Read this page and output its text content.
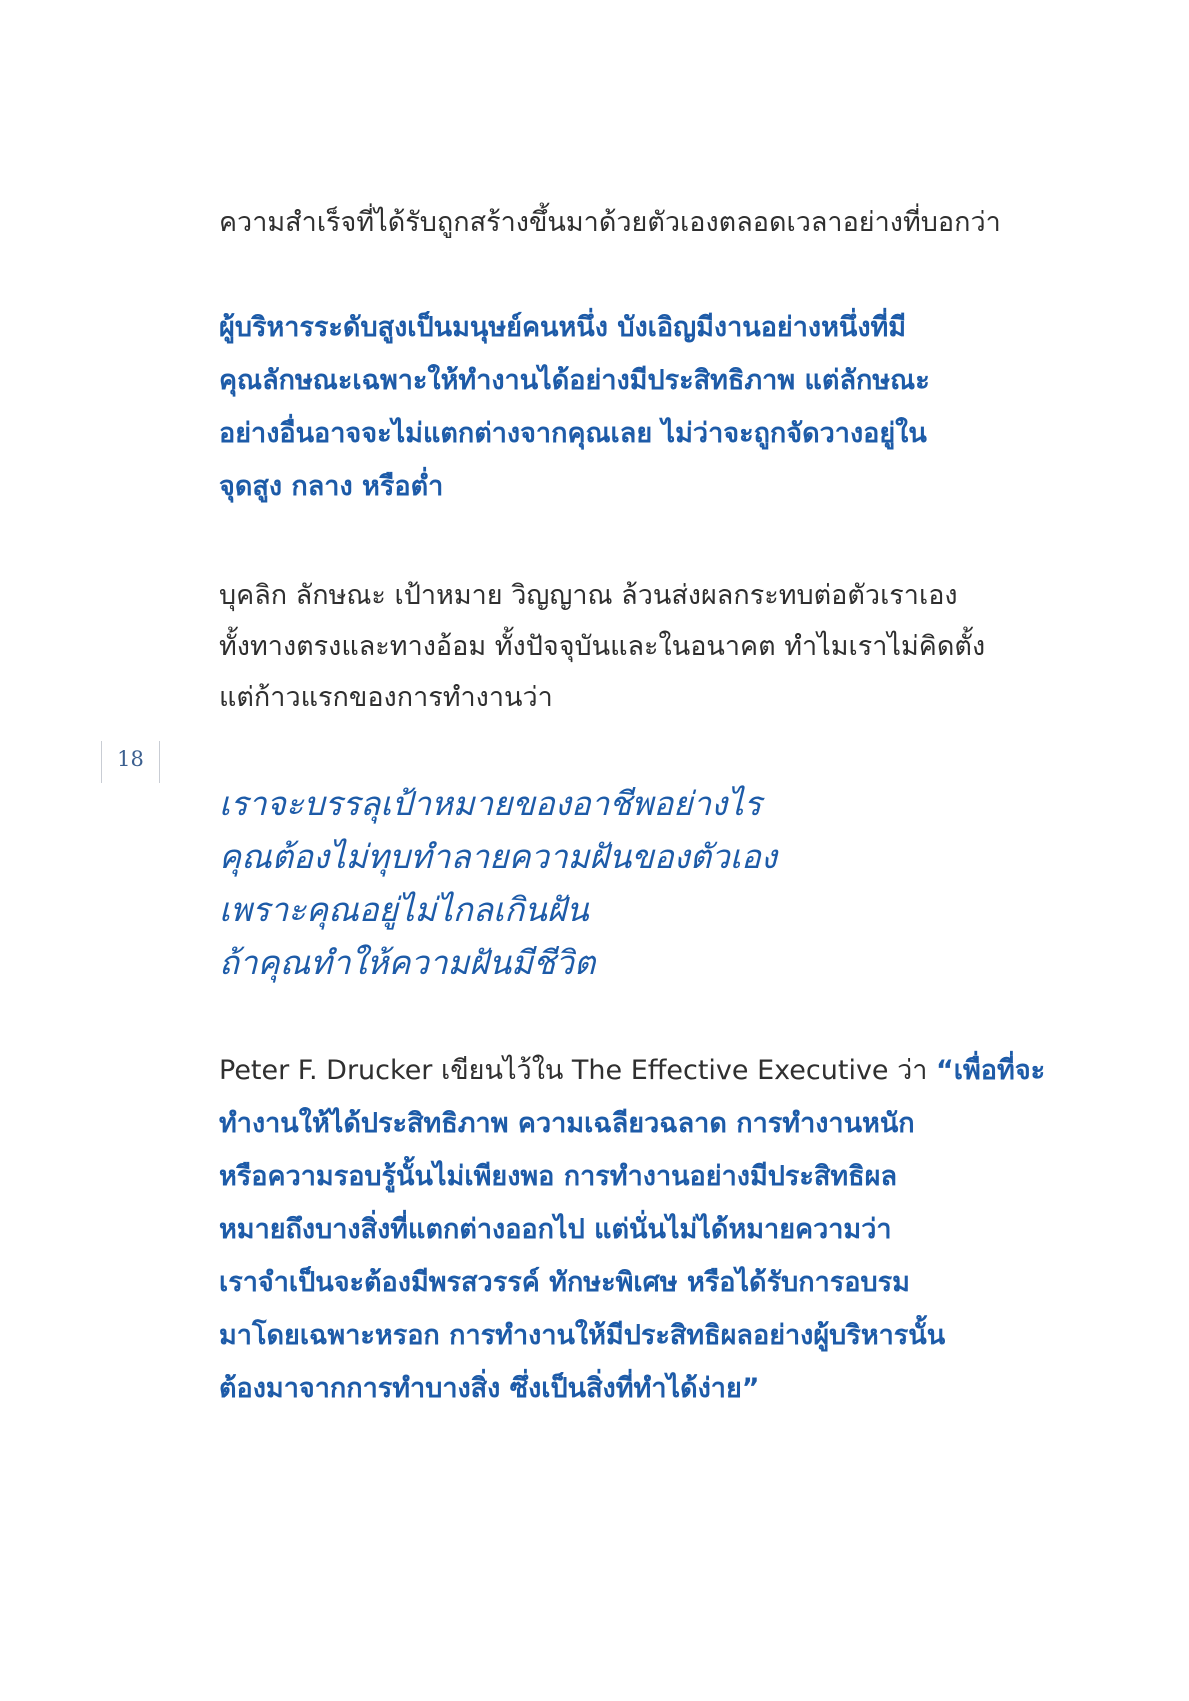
ความสำเร็จที่ได้รับถูกสร้างขึ้นมาด้วยตัวเองตลอดเวลาอย่างที่บอกว่า

ผู้บริหารระดับสูงเป็นมนุษย์คนหนึ่ง บังเอิญมีงานอย่างหนึ่งที่มี

คุณลักษณะเฉพาะให้ทำงานได้อย่างมีประสิทธิภาพ แต่ลักษณะ

อย่างอื่นอาจจะไม่แตกต่างจากคุณเลย ไม่ว่าจะถูกจัดวางอยู่ใน

จุดสูง กลาง หรือต่ำ

บุคลิก ลักษณะ เป้าหมาย วิญญาณ ล้วนส่งผลกระทบต่อตัวเราเอง

ทั้งทางตรงและทางอ้อม ทั้งปัจจุบันและในอนาคต ทำไมเราไม่คิดตั้ง

แต่ก้าวแรกของการทำงานว่า

18

เราจะบรรลุเป้าหมายของอาชีพอย่างไร

คุณต้องไม่ทุบทำลายความฝันของตัวเอง

เพราะคุณอยู่ไม่ไกลเกินฝัน

ถ้าคุณทำให้ความฝันมีชีวิต

Peter F. Drucker เขียนไว้ใน The Effective Executive ว่า “เพื่อที่จะ

ทำงานให้ได้ประสิทธิภาพ ความเฉลียวฉลาด การทำงานหนัก

หรือความรอบรู้นั้นไม่เพียงพอ การทำงานอย่างมีประสิทธิผล

หมายถึงบางสิ่งที่แตกต่างออกไป แต่นั่นไม่ได้หมายความว่า

เราจำเป็นจะต้องมีพรสวรรค์ ทักษะพิเศษ หรือได้รับการอบรม

มาโดยเฉพาะหรอก การทำงานให้มีประสิทธิผลอย่างผู้บริหารนั้น

ต้องมาจากการทำบางสิ่ง ซึ่งเป็นสิ่งที่ทำได้ง่าย”
